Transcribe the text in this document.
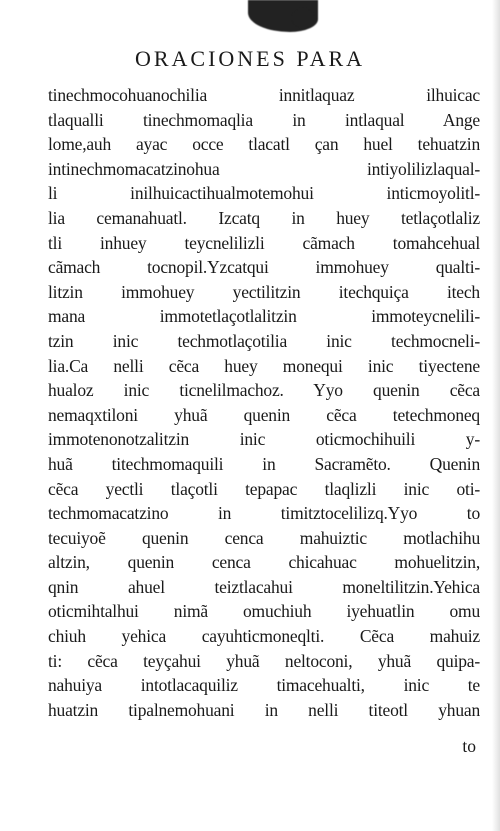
ORACIONES PARA
tinechmocohuanochilia innitlaquaz ilhuicac
tlaqualli tinechmomaqlia in intlaqual Ange
lome,auh ayac occe tlacatl çan huel tehuatzin
intinechmomacatzinohua intiyolilizlaqual-
li inilhuicactihualmotemohui inticmoyolitl-
lia cemanahuatl. Izcatq in huey tetlaçotlaliz
tli inhuey teycnelilizli cãmach tomahcehual
cãmach tocnopil.Yzcatqui immohuey qualti-
litzin immohuey yectilitzin itechquiça itech
mana immotetlaçotlalitzin immoteycnelili-
tzin inic techmotlaçotilia inic techmocneli-
lia.Ca nelli cẽca huey monequi inic tiyectene
hualoz inic ticnelilmachoz. Yyo quenin cẽca
nemaqxtiloni yhuã quenin cẽca tetechmoneq
immotenonotzalitzin inic oticmochihuili y-
huã titechmomaquili in Sacramẽto. Quenin
cẽca yectli tlaçotli tepapac tlaqlizli inic oti-
techmomacatzino in timitztocelilizq.Yyo to
tecuiyoẽ quenin cenca mahuiztic motlachihu
altzin, quenin cenca chicahuac mohuelitzin,
qnin ahuel teiztlacahui moneltilitzin.Yehica
oticmihtalhui nimã omuchiuh iyehuatlin omu
chiuh yehica cayuhticmoneqlti. Cẽca mahuiz
ti: cẽca teyçahui yhuã neltoconi, yhuã quipa-
nahuiya intotlacaquiliz timacehualti, inic te
huatzin tipalnemohuani in nelli titeotl yhuan
to
